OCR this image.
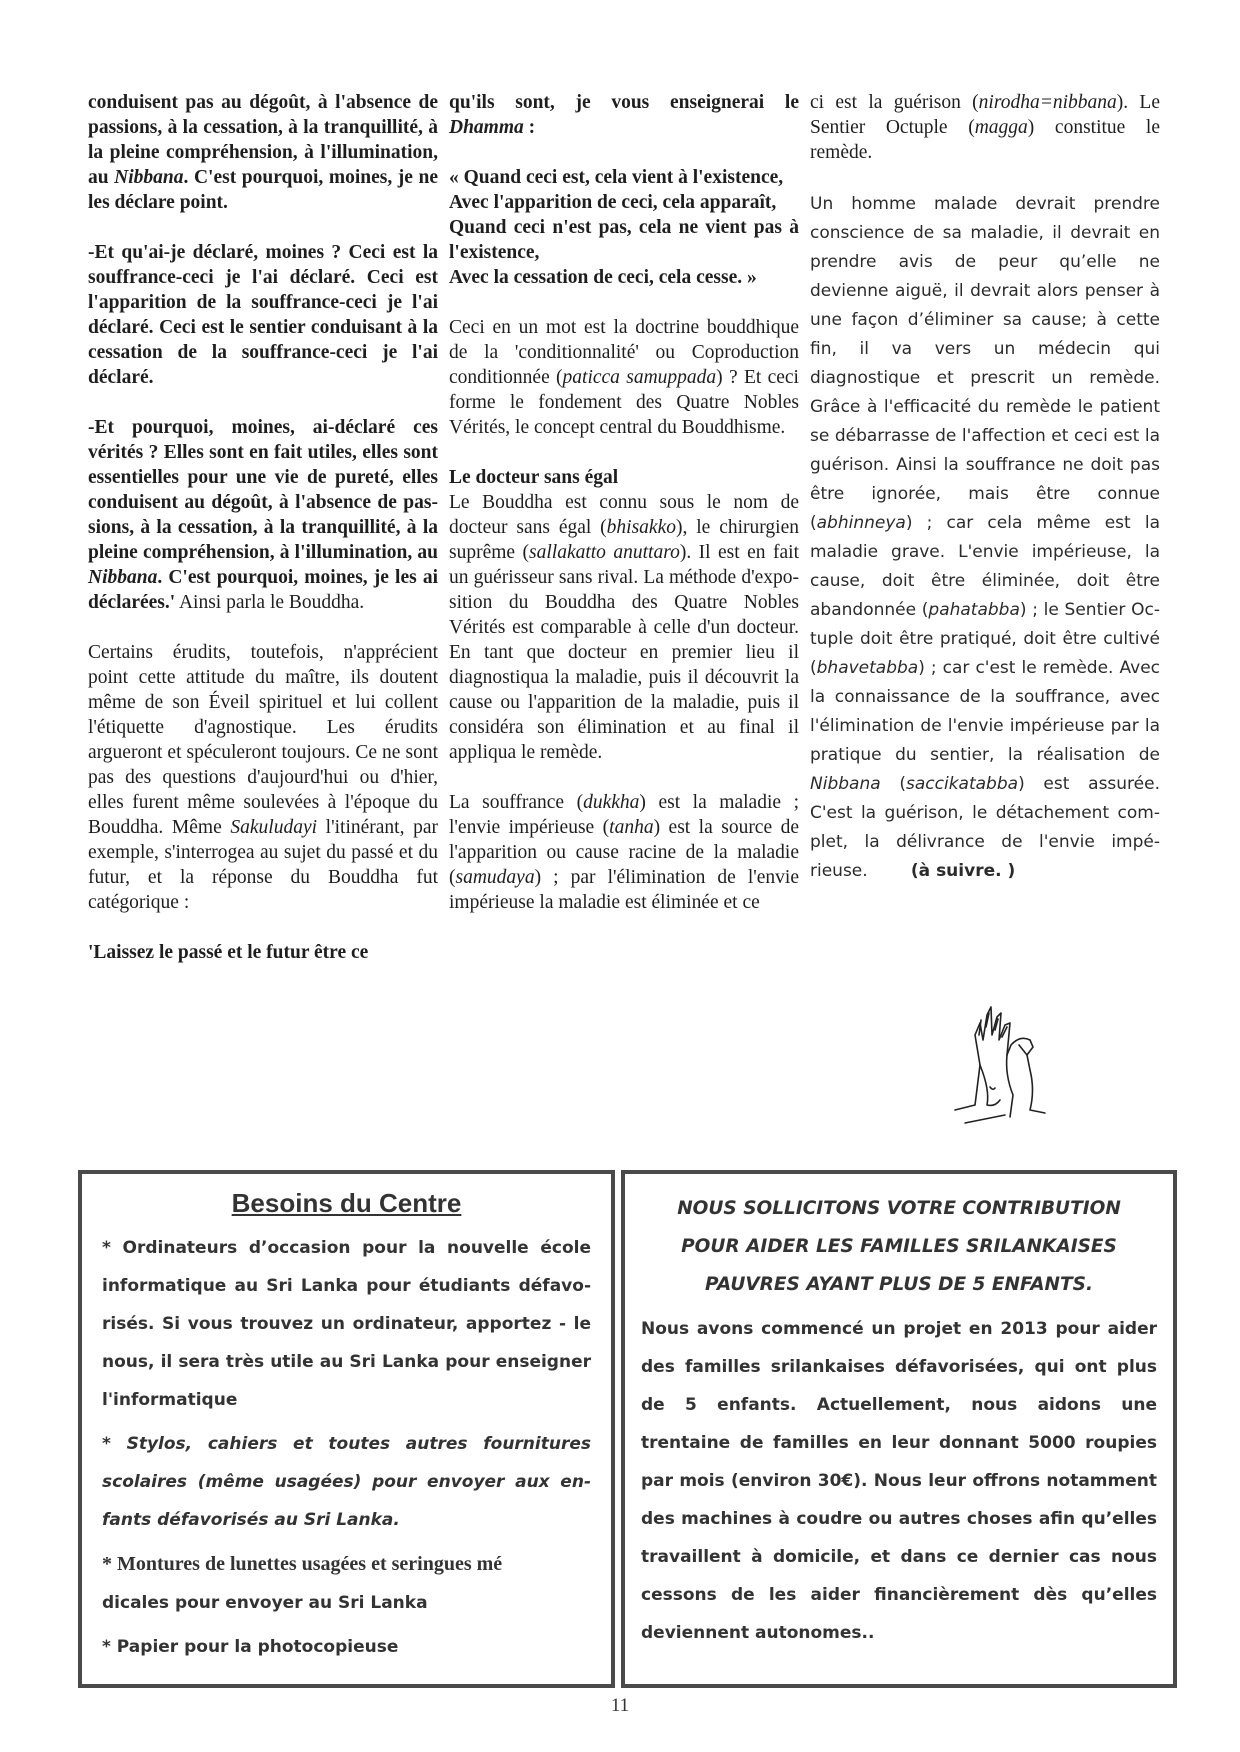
conduisent pas au dégoût, à l'absence de passions, à la cessation, à la tranquillité, à la pleine compréhension, à l'illumination, au Nibbana. C'est pourquoi, moines, je ne les déclare point.

-Et qu'ai-je déclaré, moines ? Ceci est la souffrance-ceci je l'ai déclaré. Ceci est l'apparition de la souffrance-ceci je l'ai déclaré. Ceci est le sentier conduisant à la cessation de la souffrance-ceci je l'ai déclaré.

-Et pourquoi, moines, ai-déclaré ces vérités ? Elles sont en fait utiles, elles sont essentielles pour une vie de pureté, elles conduisent au dégoût, à l'absence de passions, à la cessation, à la tranquillité, à la pleine compréhension, à l'illumination, au Nibbana. C'est pourquoi, moines, je les ai déclarées.' Ainsi parla le Bouddha.

Certains érudits, toutefois, n'apprécient point cette attitude du maître, ils doutent même de son Éveil spirituel et lui collent l'étiquette d'agnostique. Les érudits argueront et spéculeront toujours. Ce ne sont pas des questions d'aujourd'hui ou d'hier, elles furent même soulevées à l'époque du Bouddha. Même Sakuludayi l'itinérant, par exemple, s'interrogea au sujet du passé et du futur, et la réponse du Bouddha fut catégorique :

'Laissez le passé et le futur être ce

qu'ils sont, je vous enseignerai le Dhamma :

« Quand ceci est, cela vient à l'existence,
Avec l'apparition de ceci, cela apparaît,
Quand ceci n'est pas, cela ne vient pas à l'existence,
Avec la cessation de ceci, cela cesse. »

Ceci en un mot est la doctrine bouddhique de la 'conditionnalité' ou Coproduction conditionnée (paticca samuppada) ? Et ceci forme le fondement des Quatre Nobles Vérités, le concept central du Bouddhisme.

Le docteur sans égal

Le Bouddha est connu sous le nom de docteur sans égal (bhisakko), le chirurgien suprême (sallakatto anuttaro). Il est en fait un guérisseur sans rival. La méthode d'exposition du Bouddha des Quatre Nobles Vérités est comparable à celle d'un docteur. En tant que docteur en premier lieu il diagnostiqua la maladie, puis il découvrit la cause ou l'apparition de la maladie, puis il considéra son élimination et au final il appliqua le remède.

La souffrance (dukkha) est la maladie ; l'envie impérieuse (tanha) est la source de l'apparition ou cause racine de la maladie (samudaya) ; par l'élimination de l'envie impérieuse la maladie est éliminée et ce

ci est la guérison (nirodha=nibbana). Le Sentier Octuple (magga) constitue le remède.

Un homme malade devrait prendre conscience de sa maladie, il devrait en prendre avis de peur qu’elle ne devienne aiguë, il devrait alors penser à une façon d’éliminer sa cause; à cette fin, il va vers un médecin qui diagnostique et prescrit un remède. Grâce à l'efficacité du remède le patient se débarrasse de l'affection et ceci est la guérison. Ainsi la souffrance ne doit pas être ignorée, mais être connue (abhinneya) ; car cela même est la maladie grave. L'envie impérieuse, la cause, doit être éliminée, doit être abandonnée (pahatabba) ; le Sentier Octuple doit être pratiqué, doit être cultivé (bhavetabba) ; car c'est le remède. Avec la connaissance de la souffrance, avec l'élimination de l'envie impérieuse par la pratique du sentier, la réalisation de Nibbana (saccikatabba) est assurée. C'est la guérison, le détachement complet, la délivrance de l'envie impérieuse.	(à suivre. )

Besoins du Centre

* Ordinateurs d’occasion pour la nouvelle école informatique au Sri Lanka pour étudiants défavorisés. Si vous trouvez un ordinateur, apportez - le nous, il sera très utile au Sri Lanka pour enseigner l'informatique

* Stylos, cahiers et toutes autres fournitures scolaires (même usagées) pour envoyer aux enfants défavorisés au Sri Lanka.

* Montures de lunettes usagées et seringues mé
dicales pour envoyer au Sri Lanka

* Papier pour la photocopieuse

NOUS SOLLICITONS VOTRE CONTRIBUTION
POUR AIDER LES FAMILLES SRILANKAISES
PAUVRES AYANT PLUS DE 5 ENFANTS.
Nous avons commencé un projet en 2013 pour aider des familles srilankaises défavorisées, qui ont plus de 5 enfants. Actuellement, nous aidons une trentaine de familles en leur donnant 5000 roupies par mois (environ 30€). Nous leur offrons notamment des machines à coudre ou autres choses afin qu’elles travaillent à domicile, et dans ce dernier cas nous cessons de les aider financièrement dès qu’elles deviennent autonomes..
11
